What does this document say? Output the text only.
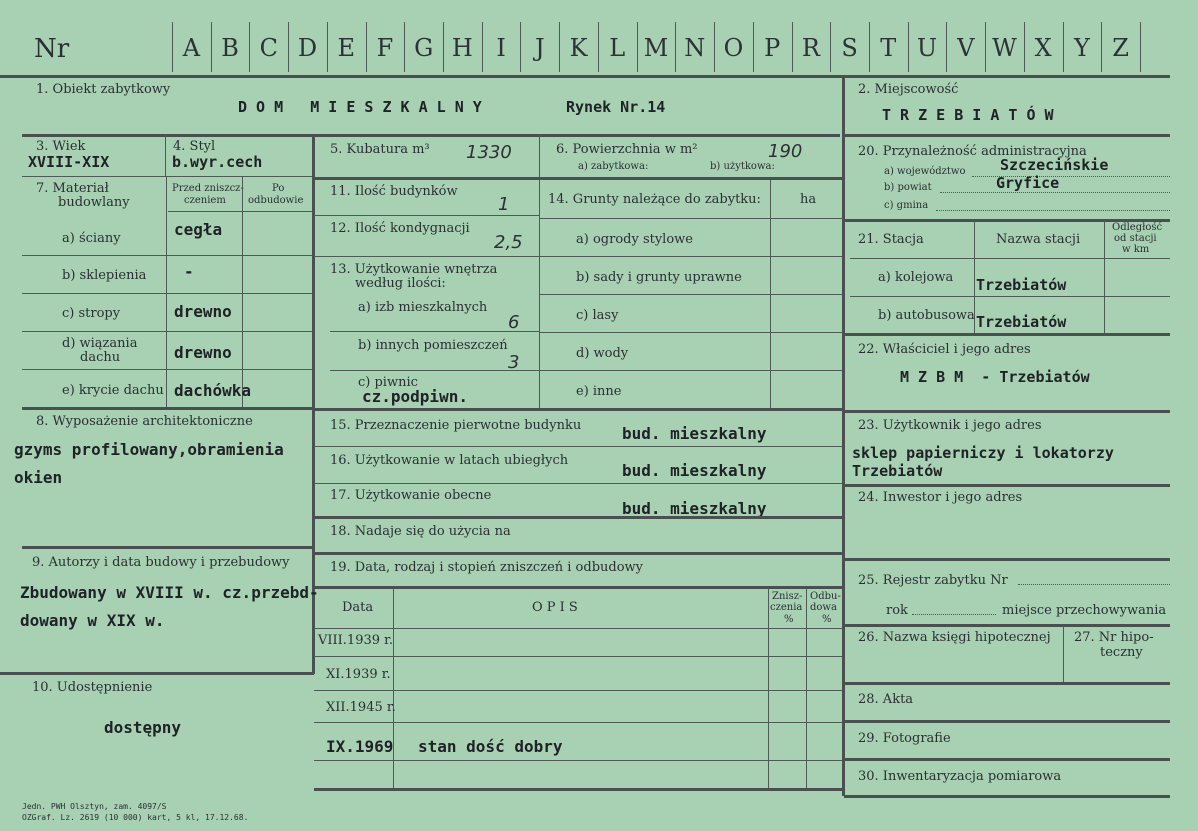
Nr	A B C D E F G H I	J	K L M N O P R S T U V W X Y Z
1. Obiekt zabytkowy
D O M   M I E S Z K A L N Y	Rynek Nr.14
3. Wiek
XVIII-XIX
4. Styl
b.wyr.cech
7. Materiał
budowlany
Przed zniszcz-
czeniem
Po
odbudowie
a) ściany	cegła
b) sklepienia -
c) stropy	drewno
d) wiązania
dachu	drewno
e) krycie dachu dachówka
8. Wyposażenie architektoniczne
gzyms profilowany,obramienia
okien
9. Autorzy i data budowy i przebudowy
Zbudowany w XVIII w. cz.przebd-
dowany w XIX w.
10. Udostępnienie
dostępny
5. Kubatura m³ 1330	6. Powierzchnia w m²
a) zabytkowa:	b) użytkowa:
190
11. Ilość budynków
1
12. Ilość kondygnacji
2,5
13. Użytkowanie wnętrza
według ilości:
a) izb mieszkalnych
6
b) innych pomieszczeń
3
c) piwnic
cz.podpiwn.
14. Grunty należące do zabytku:	ha
a) ogrody stylowe
b) sady i grunty uprawne
c) lasy
d) wody
e) inne
15. Przeznaczenie pierwotne budynku	bud. mieszkalny
16. Użytkowanie w latach ubiegłych
bud. mieszkalny
17. Użytkowanie obecne
bud. mieszkalny
18. Nadaje się do użycia na
19. Data, rodzaj i stopień zniszczeń i odbudowy
Data	O P I S
Znisz-
czenia
%
Odbu-
dowa
%
VIII.1939 r.
XI.1939 r.
XII.1945 r.
IX.1969 stan dość dobry
2. Miejscowość
T R Z E B I A T Ó W
20. Przynależność administracyjna
a) województwo Szczecińskie
b) powiat	Gryfice
c) gmina
21. Stacja	Nazwa stacji
Odległość
od stacji
w km
a) kolejowa Trzebiatów
b) autobusowa Trzebiatów
22. Właściciel i jego adres
M Z B M  - Trzebiatów
23. Użytkownik i jego adres
sklep papierniczy i lokatorzy
Trzebiatów
24. Inwestor i jego adres
25. Rejestr zabytku Nr
rok	miejsce przechowywania
26. Nazwa księgi hipotecznej 27. Nr hipo-
teczny
28. Akta
29. Fotografie
30. Inwentaryzacja pomiarowa
Jedn. PWH Olsztyn, zam. 4097/S
OZGraf. Lz. 2619 (10 000) kart, 5 kl, 17.12.68.
